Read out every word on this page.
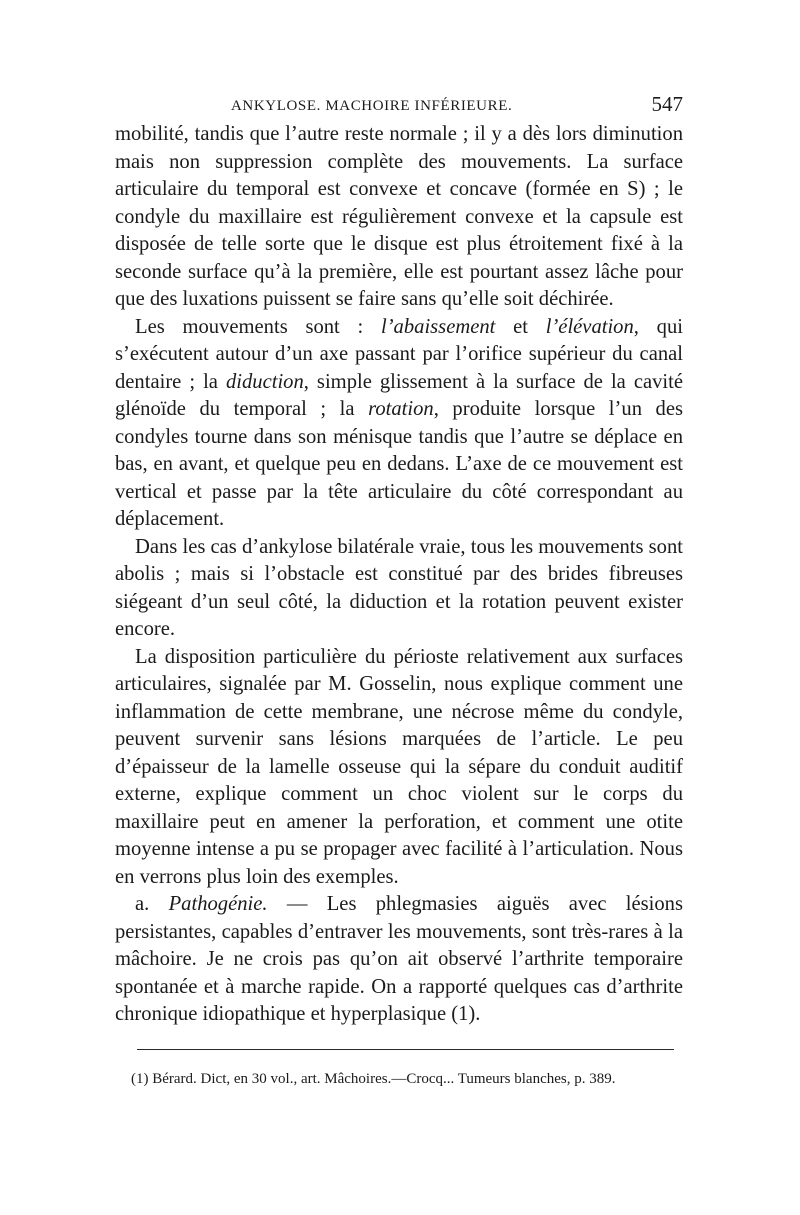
ANKYLOSE. MACHOIRE INFÉRIEURE.	547

mobilité, tandis que l’autre reste normale ; il y a dès lors diminution mais non suppression complète des mouvements. La surface articulaire du temporal est convexe et concave (formée en S) ; le condyle du maxillaire est régulièrement convexe et la capsule est disposée de telle sorte que le disque est plus étroitement fixé à la seconde surface qu’à la première, elle est pourtant assez lâche pour que des luxations puissent se faire sans qu’elle soit déchirée.

Les mouvements sont : l’abaissement et l’élévation, qui s’exécutent autour d’un axe passant par l’orifice supérieur du canal dentaire ; la diduction, simple glissement à la surface de la cavité glénoïde du temporal ; la rotation, produite lorsque l’un des condyles tourne dans son ménisque tandis que l’autre se déplace en bas, en avant, et quelque peu en dedans. L’axe de ce mouvement est vertical et passe par la tête articulaire du côté correspondant au déplacement.

Dans les cas d’ankylose bilatérale vraie, tous les mouvements sont abolis ; mais si l’obstacle est constitué par des brides fibreuses siégeant d’un seul côté, la diduction et la rotation peuvent exister encore.

La disposition particulière du périoste relativement aux surfaces articulaires, signalée par M. Gosselin, nous explique comment une inflammation de cette membrane, une nécrose même du condyle, peuvent survenir sans lésions marquées de l’article. Le peu d’épaisseur de la lamelle osseuse qui la sépare du conduit auditif externe, explique comment un choc violent sur le corps du maxillaire peut en amener la perforation, et comment une otite moyenne intense a pu se propager avec facilité à l’articulation. Nous en verrons plus loin des exemples.

a. Pathogénie. — Les phlegmasies aiguës avec lésions persistantes, capables d’entraver les mouvements, sont très-rares à la mâchoire. Je ne crois pas qu’on ait observé l’arthrite temporaire spontanée et à marche rapide. On a rapporté quelques cas d’arthrite chronique idiopathique et hyperplasique (1).

(1) Bérard. Dict, en 30 vol., art. Mâchoires.—Crocq... Tumeurs blanches, p. 389.
